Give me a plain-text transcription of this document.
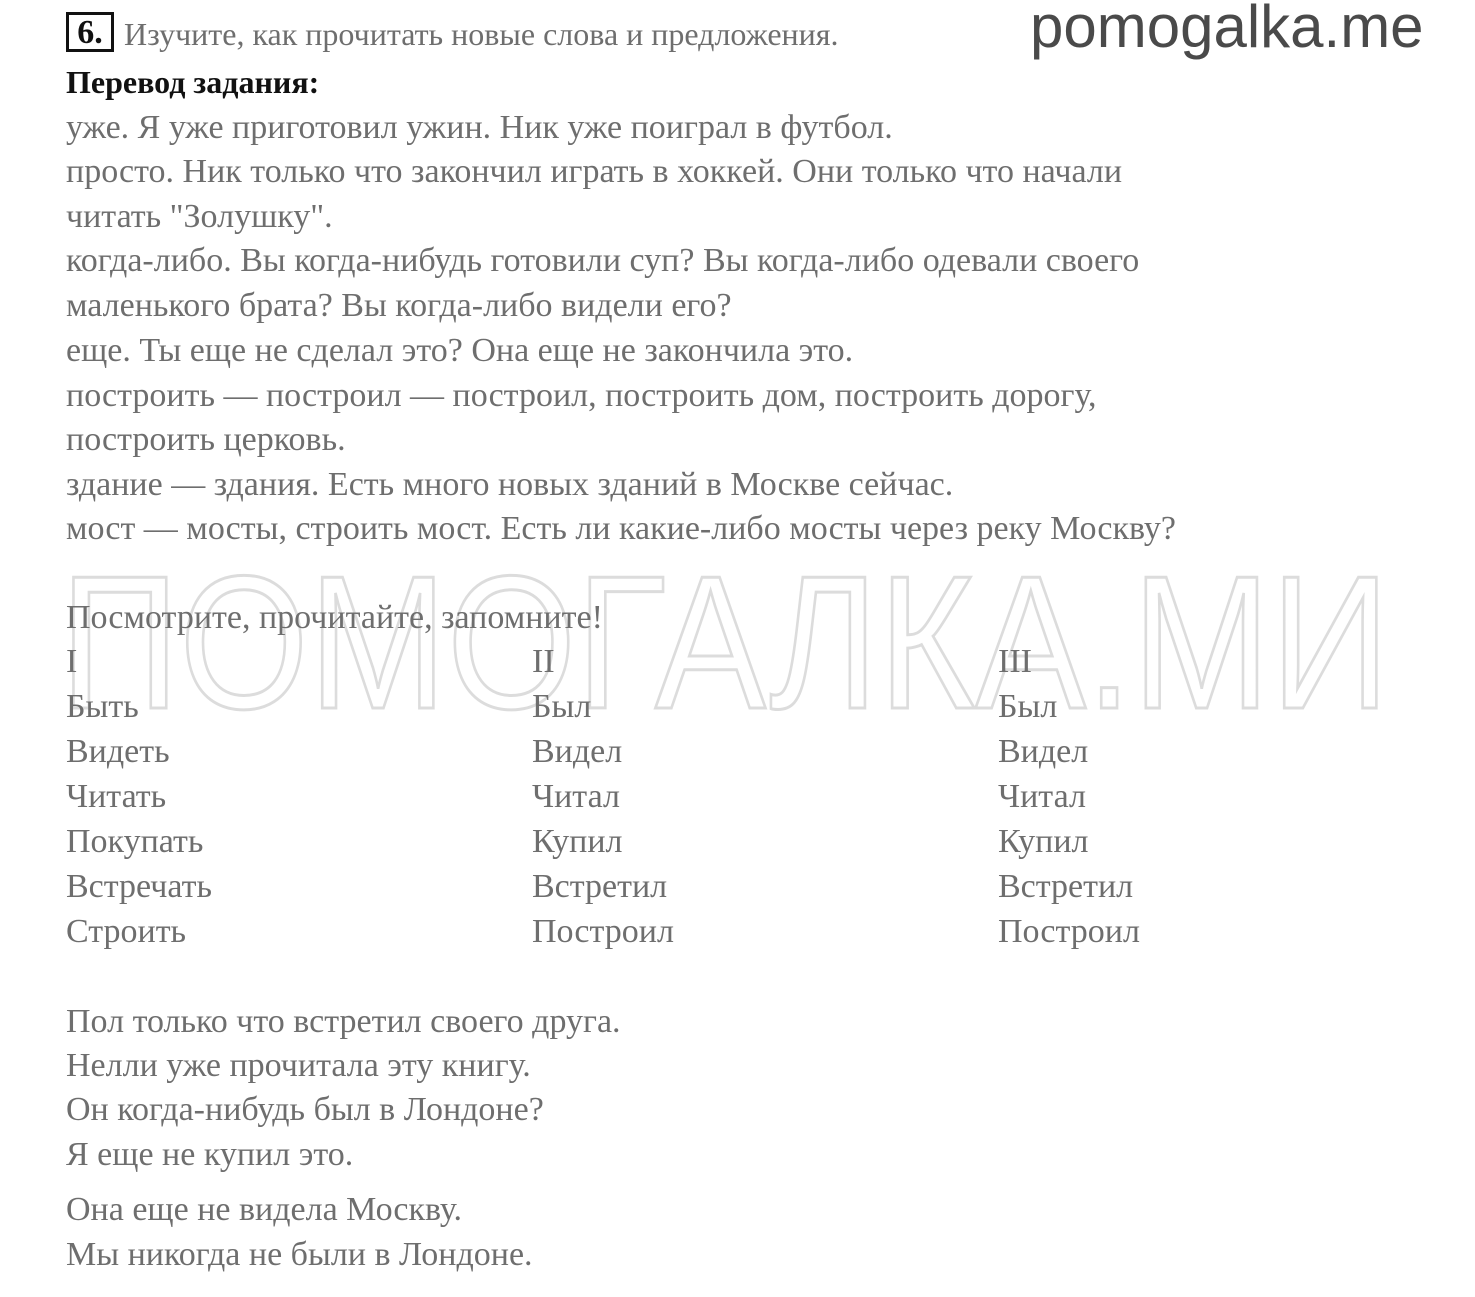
6. Изучите, как прочитать новые слова и предложения.	pomogalka.me
Перевод задания:
уже. Я уже приготовил ужин. Ник уже поиграл в футбол.
просто. Ник только что закончил играть в хоккей. Они только что начали
читать "Золушку".
когда-либо. Вы когда-нибудь готовили суп? Вы когда-либо одевали своего
маленького брата? Вы когда-либо видели его?
еще. Ты еще не сделал это? Она еще не закончила это.
построить — построил — построил, построить дом, построить дорогу,
построить церковь.
здание — здания. Есть много новых зданий в Москве сейчас.
мост — мосты, строить мост. Есть ли какие-либо мосты через реку Москву?
ПОМОГАЛКА.МИ
Посмотрите, прочитайте, запомните!
I	II	III
Быть	Был	Был
Видеть	Видел	Видел
Читать	Читал	Читал
Покупать	Купил	Купил
Встречать	Встретил	Встретил
Строить	Построил	Построил
Пол только что встретил своего друга.
Нелли уже прочитала эту книгу.
Он когда-нибудь был в Лондоне?
Я еще не купил это.
Она еще не видела Москву.
Мы никогда не были в Лондоне.
